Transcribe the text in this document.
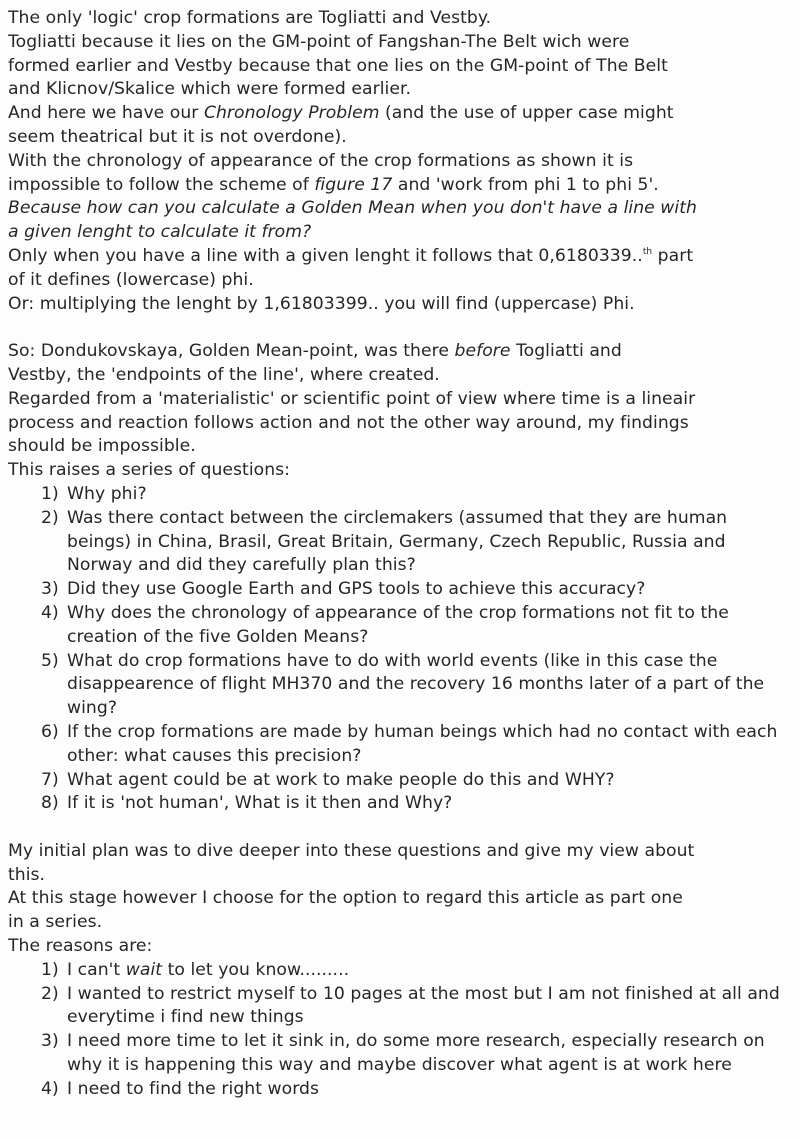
The only 'logic' crop formations are Togliatti and Vestby.
Togliatti because it lies on the GM-point of Fangshan-The Belt wich were
formed earlier and Vestby because that one lies on the GM-point of The Belt
and Klicnov/Skalice which were formed earlier.
And here we have our Chronology Problem (and the use of upper case might
seem theatrical but it is not overdone).
With the chronology of appearance of the crop formations as shown it is
impossible to follow the scheme of figure 17 and 'work from phi 1 to phi 5'.
Because how can you calculate a Golden Mean when you don't have a line with
a given lenght to calculate it from?
Only when you have a line with a given lenght it follows that 0,6180339..$^{th}$ part
of it defines (lowercase) phi.
Or: multiplying the lenght by 1,61803399.. you will find (uppercase) Phi.
So: Dondukovskaya, Golden Mean-point, was there before Togliatti and
Vestby, the 'endpoints of the line', where created.
Regarded from a 'materialistic' or scientific point of view where time is a lineair
process and reaction follows action and not the other way around, my findings
should be impossible.
This raises a series of questions:
1) Why phi?
2) Was there contact between the circlemakers (assumed that they are human beings) in China, Brasil, Great Britain, Germany, Czech Republic, Russia and Norway and did they carefully plan this?
3) Did they use Google Earth and GPS tools to achieve this accuracy?
4) Why does the chronology of appearance of the crop formations not fit to the creation of the five Golden Means?
5) What do crop formations have to do with world events (like in this case the disappearence of flight MH370 and the recovery 16 months later of a part of the wing?
6) If the crop formations are made by human beings which had no contact with each other: what causes this precision?
7) What agent could be at work to make people do this and WHY?
8) If it is 'not human', What is it then and Why?
My initial plan was to dive deeper into these questions and give my view about
this.
At this stage however I choose for the option to regard this article as part one
in a series.
The reasons are:
1) I can't wait to let you know.........
2) I wanted to restrict myself to 10 pages at the most but I am not finished at all and everytime i find new things
3) I need more time to let it sink in, do some more research, especially research on why it is happening this way and maybe discover what agent is at work here
4) I need to find the right words
